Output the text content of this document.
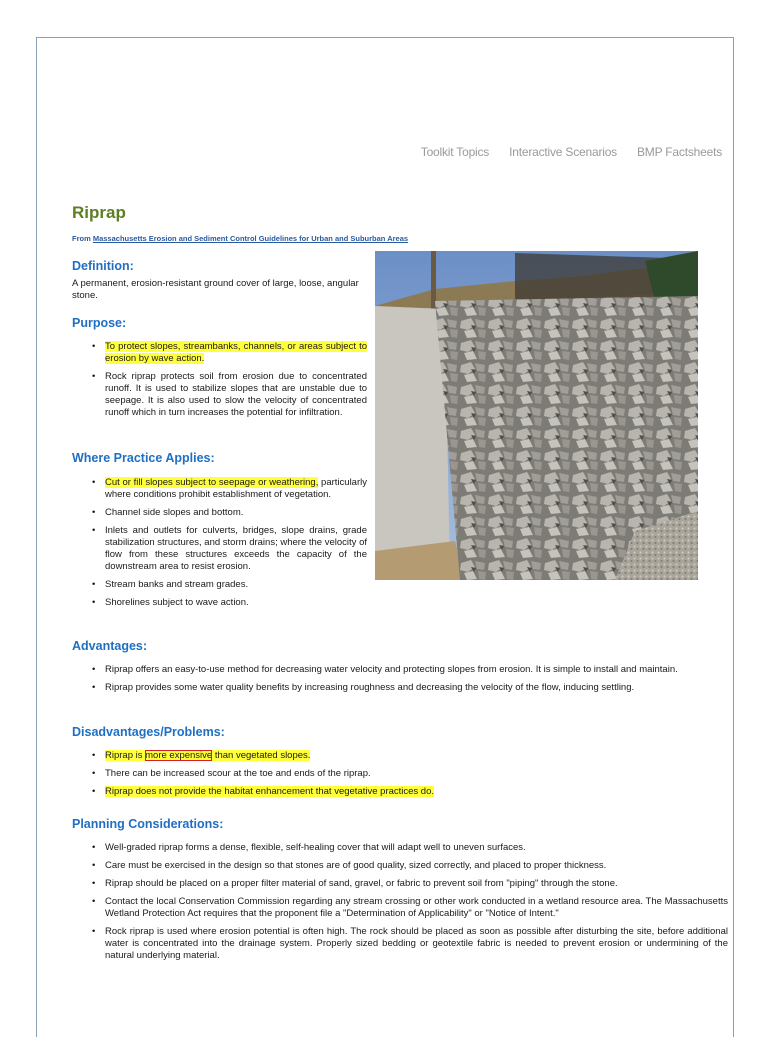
Toolkit Topics Interactive Scenarios BMP Factsheets
Riprap
From Massachusetts Erosion and Sediment Control Guidelines for Urban and Suburban Areas
Definition:
A permanent, erosion-resistant ground cover of large, loose, angular stone.
Purpose:
• To protect slopes, streambanks, channels, or areas subject to erosion by wave action.
• Rock riprap protects soil from erosion due to concentrated runoff. It is used to stabilize slopes that are unstable due to seepage. It is also used to slow the velocity of concentrated runoff which in turn increases the potential for infiltration.
Where Practice Applies:
• Cut or fill slopes subject to seepage or weathering, particularly where conditions prohibit establishment of vegetation.
• Channel side slopes and bottom.
• Inlets and outlets for culverts, bridges, slope drains, grade stabilization structures, and storm drains; where the velocity of flow from these structures exceeds the capacity of the downstream area to resist erosion.
• Stream banks and stream grades.
• Shorelines subject to wave action.
Advantages:
• Riprap offers an easy-to-use method for decreasing water velocity and protecting slopes from erosion. It is simple to install and maintain.
• Riprap provides some water quality benefits by increasing roughness and decreasing the velocity of the flow, inducing settling.
Disadvantages/Problems:
• Riprap is more expensive than vegetated slopes.
• There can be increased scour at the toe and ends of the riprap.
• Riprap does not provide the habitat enhancement that vegetative practices do.
Planning Considerations:
• Well-graded riprap forms a dense, flexible, self-healing cover that will adapt well to uneven surfaces.
• Care must be exercised in the design so that stones are of good quality, sized correctly, and placed to proper thickness.
• Riprap should be placed on a proper filter material of sand, gravel, or fabric to prevent soil from "piping" through the stone.
• Contact the local Conservation Commission regarding any stream crossing or other work conducted in a wetland resource area. The Massachusetts Wetland Protection Act requires that the proponent file a "Determination of Applicability" or "Notice of Intent."
• Rock riprap is used where erosion potential is often high. The rock should be placed as soon as possible after disturbing the site, before additional water is concentrated into the drainage system. Properly sized bedding or geotextile fabric is needed to prevent erosion or undermining of the natural underlying material.
